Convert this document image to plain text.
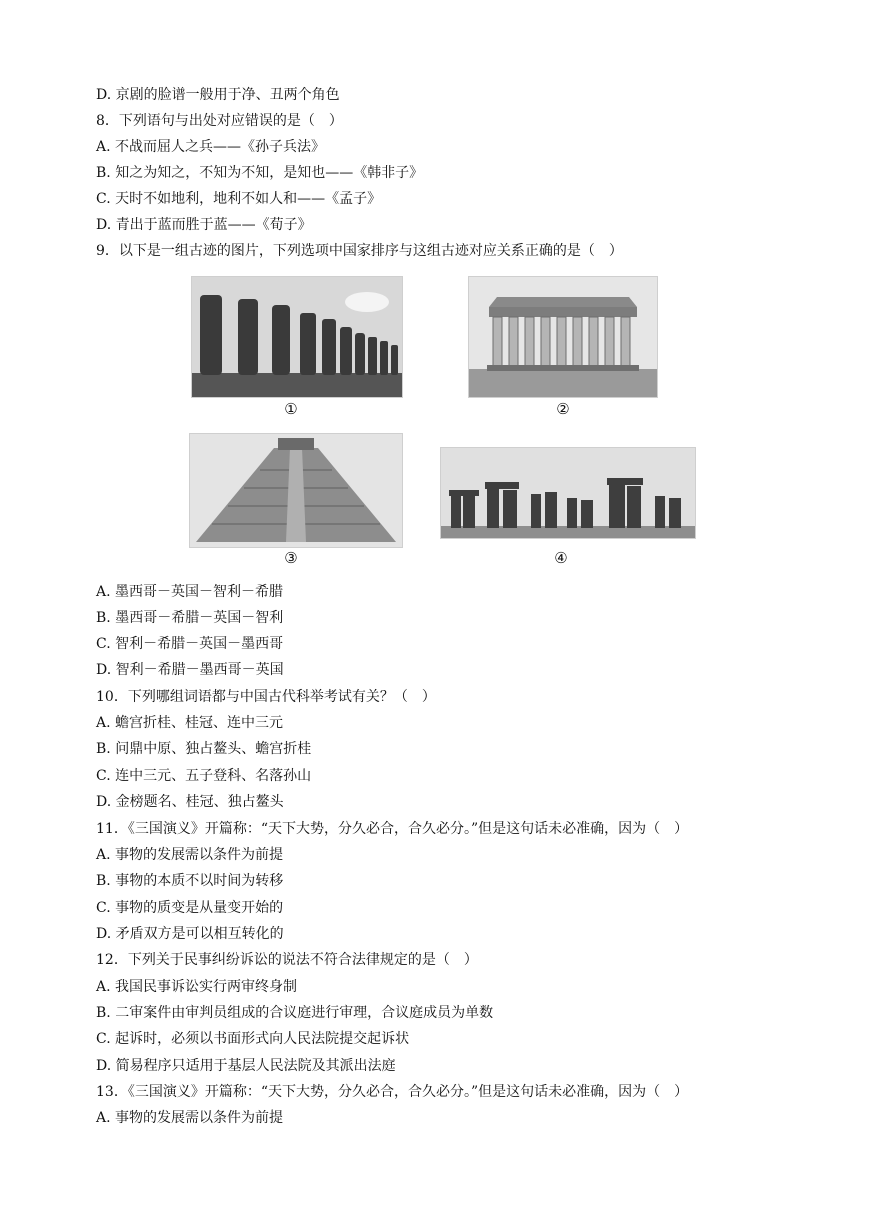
D. 京剧的脸谱一般用于净、丑两个角色
8．下列语句与出处对应错误的是（　）
A. 不战而屈人之兵——《孙子兵法》
B. 知之为知之，不知为不知，是知也——《韩非子》
C. 天时不如地利，地利不如人和——《孟子》
D. 青出于蓝而胜于蓝——《荀子》
9．以下是一组古迹的图片，下列选项中国家排序与这组古迹对应关系正确的是（　）
①	②
③	④
A. 墨西哥－英国－智利－希腊
B. 墨西哥－希腊－英国－智利
C. 智利－希腊－英国－墨西哥
D. 智利－希腊－墨西哥－英国
10．下列哪组词语都与中国古代科举考试有关？（　）
A. 蟾宫折桂、桂冠、连中三元
B. 问鼎中原、独占鳌头、蟾宫折桂
C. 连中三元、五子登科、名落孙山
D. 金榜题名、桂冠、独占鳌头
11．《三国演义》开篇称：“天下大势，分久必合，合久必分。”但是这句话未必准确，因为（　）
A. 事物的发展需以条件为前提
B. 事物的本质不以时间为转移
C. 事物的质变是从量变开始的
D. 矛盾双方是可以相互转化的
12．下列关于民事纠纷诉讼的说法不符合法律规定的是（　）
A. 我国民事诉讼实行两审终身制
B. 二审案件由审判员组成的合议庭进行审理，合议庭成员为单数
C. 起诉时，必须以书面形式向人民法院提交起诉状
D. 简易程序只适用于基层人民法院及其派出法庭
13．《三国演义》开篇称：“天下大势，分久必合，合久必分。”但是这句话未必准确，因为（　）
A. 事物的发展需以条件为前提
